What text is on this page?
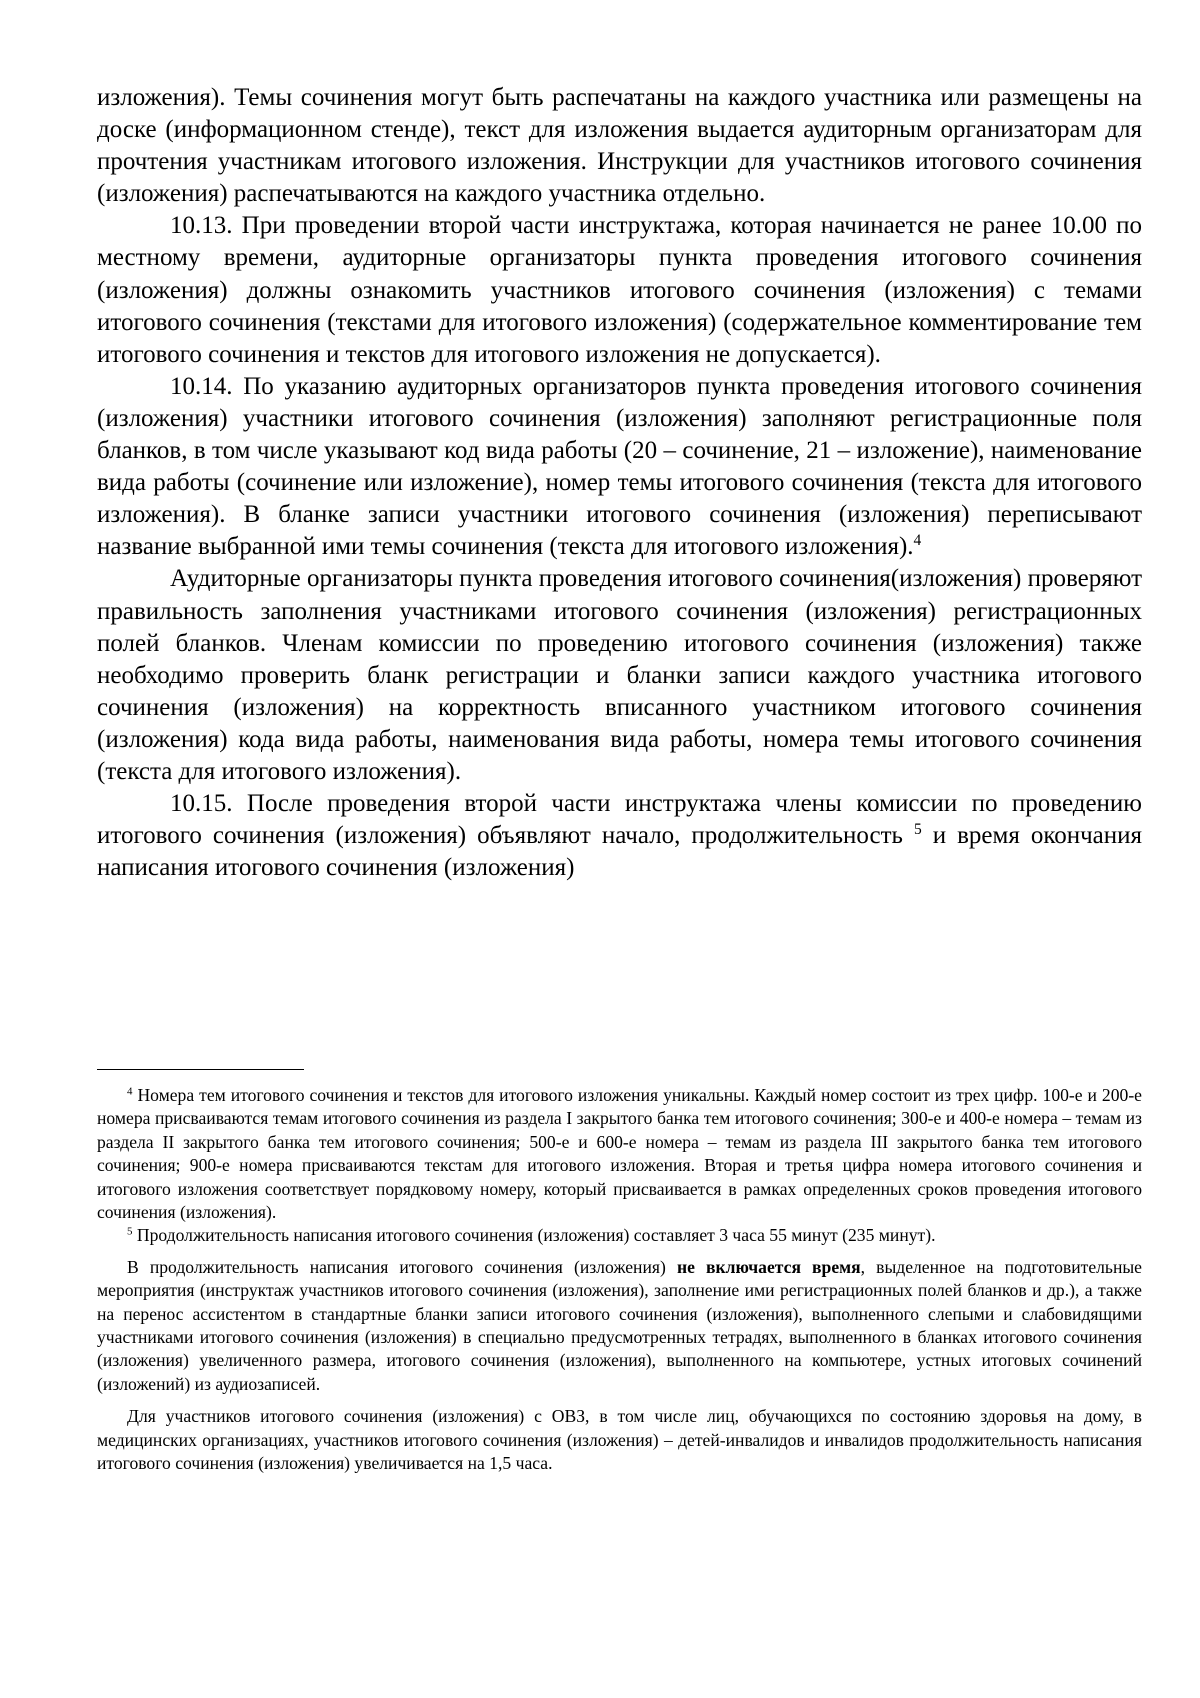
изложения). Темы сочинения могут быть распечатаны на каждого участника или размещены на доске (информационном стенде), текст для изложения выдается аудиторным организаторам для прочтения участникам итогового изложения. Инструкции для участников итогового сочинения (изложения) распечатываются на каждого участника отдельно.

10.13. При проведении второй части инструктажа, которая начинается не ранее 10.00 по местному времени, аудиторные организаторы пункта проведения итогового сочинения (изложения) должны ознакомить участников итогового сочинения (изложения) с темами итогового сочинения (текстами для итогового изложения) (содержательное комментирование тем итогового сочинения и текстов для итогового изложения не допускается).

10.14. По указанию аудиторных организаторов пункта проведения итогового сочинения (изложения) участники итогового сочинения (изложения) заполняют регистрационные поля бланков, в том числе указывают код вида работы (20 – сочинение, 21 – изложение), наименование вида работы (сочинение или изложение), номер темы итогового сочинения (текста для итогового изложения). В бланке записи участники итогового сочинения (изложения) переписывают название выбранной ими темы сочинения (текста для итогового изложения).$^4$

Аудиторные организаторы пункта проведения итогового сочинения(изложения) проверяют правильность заполнения участниками итогового сочинения (изложения) регистрационных полей бланков. Членам комиссии по проведению итогового сочинения (изложения) также необходимо проверить бланк регистрации и бланки записи каждого участника итогового сочинения (изложения) на корректность вписанного участником итогового сочинения (изложения) кода вида работы, наименования вида работы, номера темы итогового сочинения (текста для итогового изложения).

10.15. После проведения второй части инструктажа члены комиссии по проведению итогового сочинения (изложения) объявляют начало, продолжительность $^5$ и время окончания написания итогового сочинения (изложения)

$^4$ Номера тем итогового сочинения и текстов для итогового изложения уникальны. Каждый номер состоит из трех цифр. 100-е и 200-е номера присваиваются темам итогового сочинения из раздела I закрытого банка тем итогового сочинения; 300-е и 400-е номера – темам из раздела II закрытого банка тем итогового сочинения; 500-е и 600-е номера – темам из раздела III закрытого банка тем итогового сочинения; 900-е номера присваиваются текстам для итогового изложения. Вторая и третья цифра номера итогового сочинения и итогового изложения соответствует порядковому номеру, который присваивается в рамках определенных сроков проведения итогового сочинения (изложения).

$^5$ Продолжительность написания итогового сочинения (изложения) составляет 3 часа 55 минут (235 минут).

В продолжительность написания итогового сочинения (изложения) не включается время, выделенное на подготовительные мероприятия (инструктаж участников итогового сочинения (изложения), заполнение ими регистрационных полей бланков и др.), а также на перенос ассистентом в стандартные бланки записи итогового сочинения (изложения), выполненного слепыми и слабовидящими участниками итогового сочинения (изложения) в специально предусмотренных тетрадях, выполненного в бланках итогового сочинения (изложения) увеличенного размера, итогового сочинения (изложения), выполненного на компьютере, устных итоговых сочинений (изложений) из аудиозаписей.

Для участников итогового сочинения (изложения) с ОВЗ, в том числе лиц, обучающихся по состоянию здоровья на дому, в медицинских организациях, участников итогового сочинения (изложения) – детей-инвалидов и инвалидов продолжительность написания итогового сочинения (изложения) увеличивается на 1,5 часа.
